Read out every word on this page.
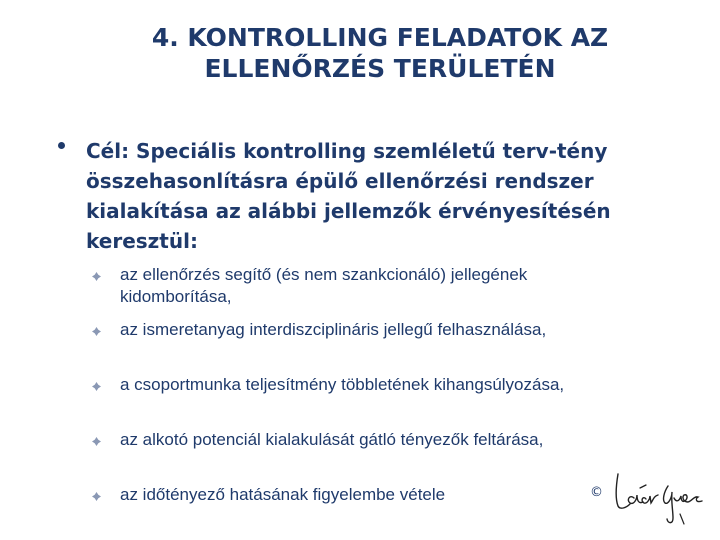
4. KONTROLLING FELADATOK AZ
ELLENŐRZÉS TERÜLETÉN
Cél: Speciális kontrolling szemléletű terv-tény összehasonlításra épülő ellenőrzési rendszer kialakítása az alábbi jellemzők érvényesítésén keresztül:
az ellenőrzés segítő (és nem szankcionáló) jellegének kidomborítása,
az ismeretanyag interdiszciplináris jellegű felhasználása,
a csoportmunka teljesítmény többletének kihangsúlyozása,
az alkotó potenciál kialakulását gátló tényezők feltárása,
az időtényező hatásának figyelembe vétele	©
